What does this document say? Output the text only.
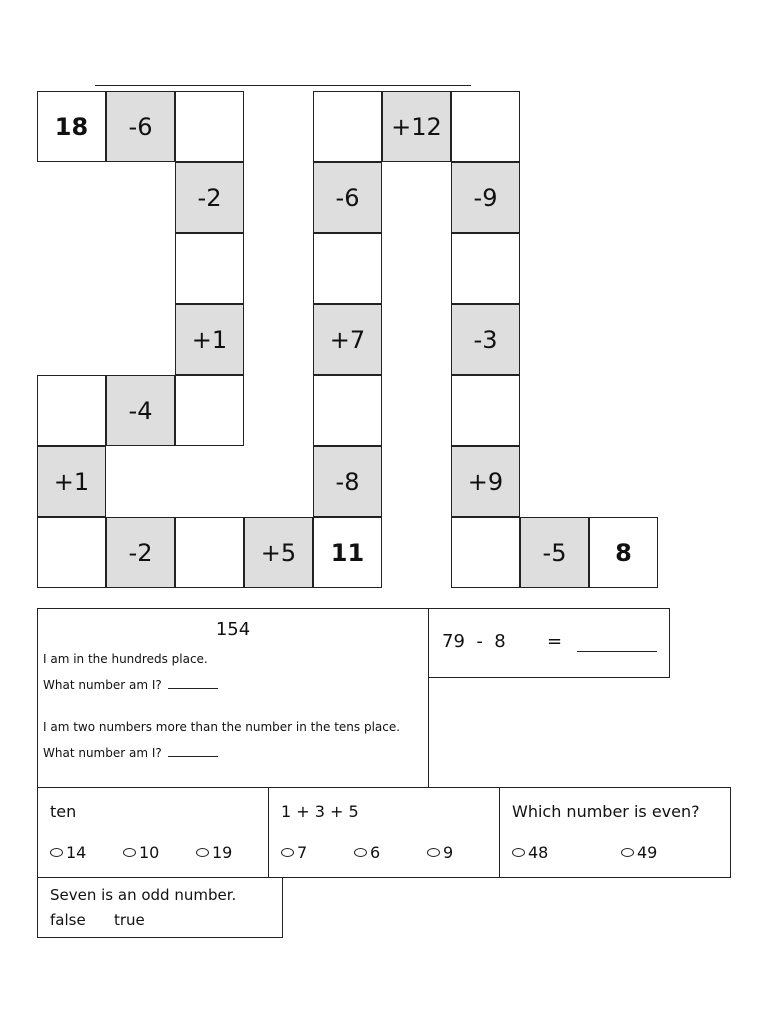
18	-6
-2
+1
-4
+1
-2	+5	11
-8
+7
-6
+12
-9
-3
+9
-5	8
154
I am in the hundreds place.
What number am I?
I am two numbers more than the number in the tens place.
What number am I?
79  -  8 =
ten
14	10	19
1 + 3 + 5
7	6	9
Which number is even?
48	49
Seven is an odd number.
false true
